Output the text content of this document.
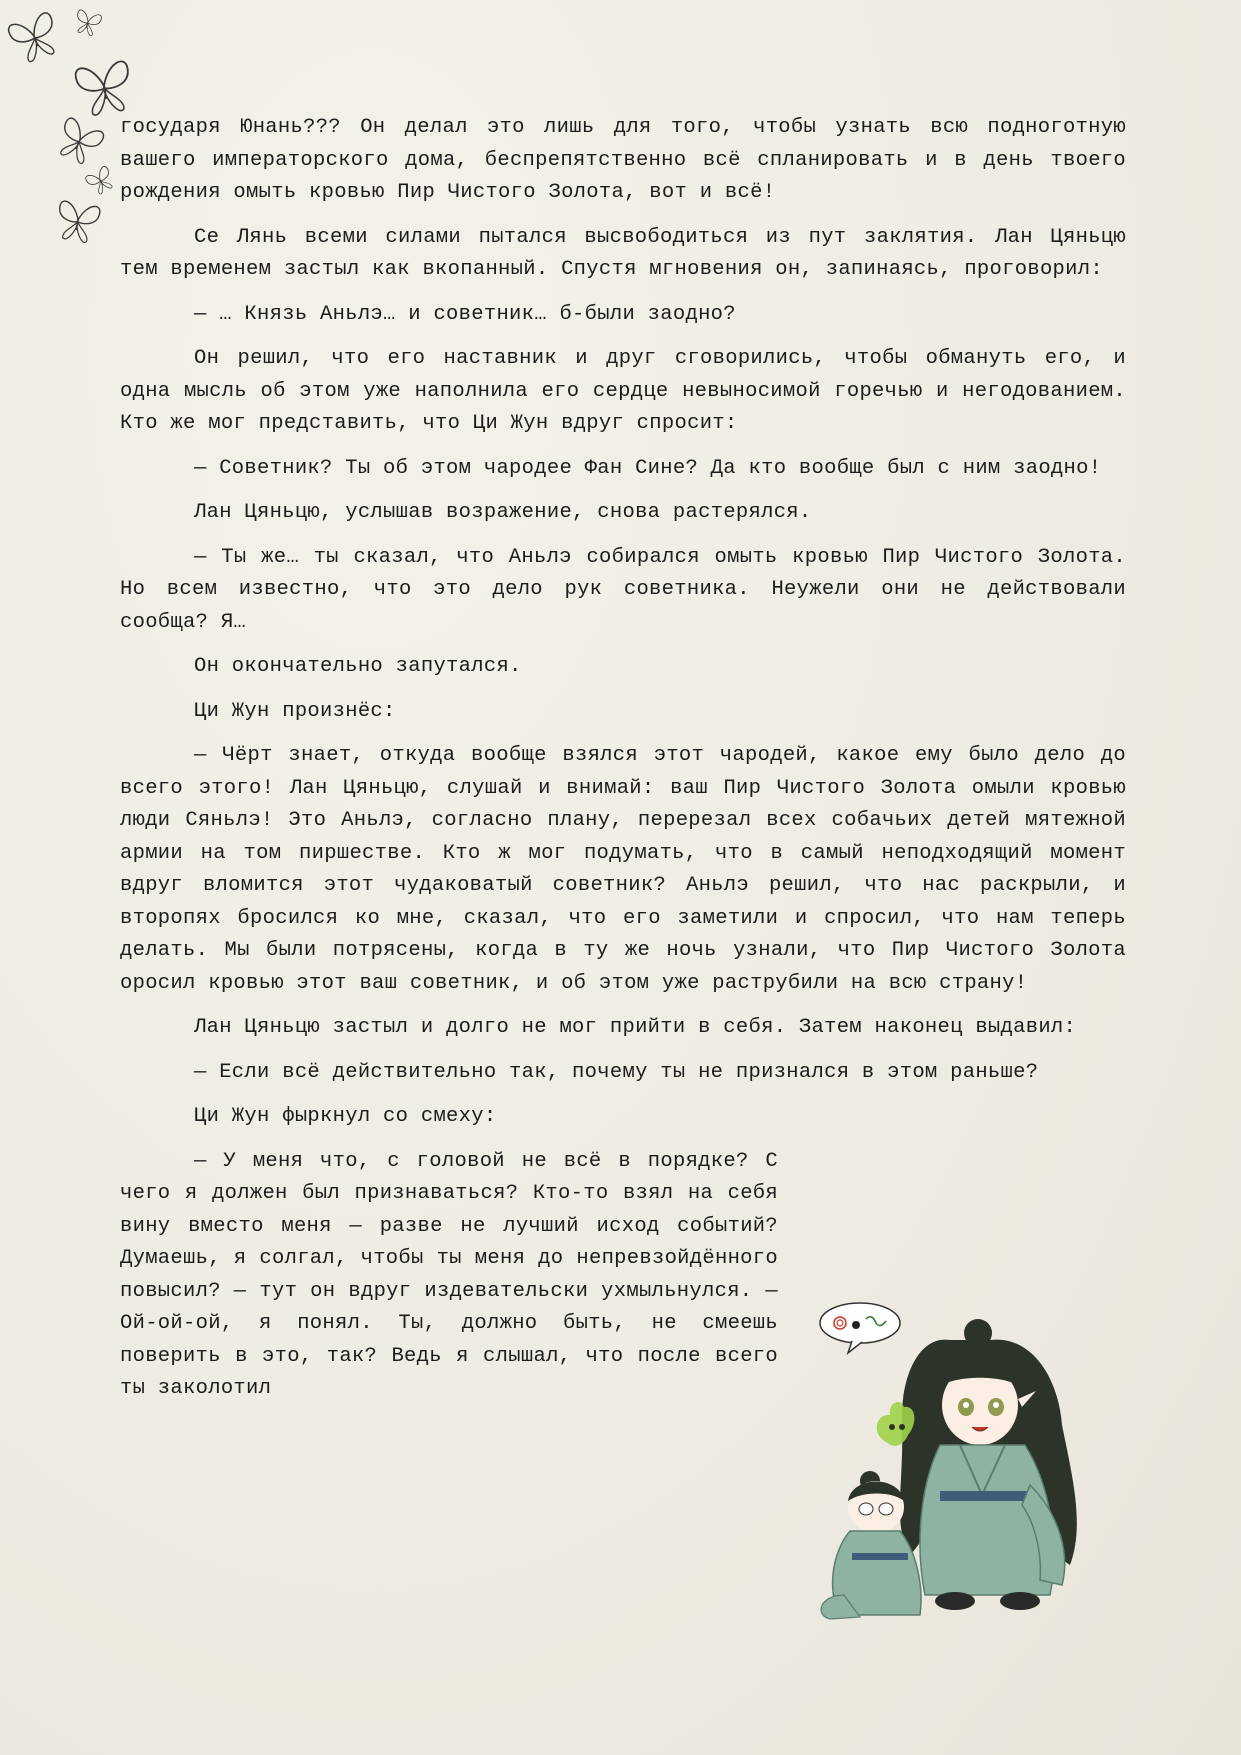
государя Юнань??? Он делал это лишь для того, чтобы узнать всю подноготную вашего императорского дома, беспрепятственно всё спланировать и в день твоего рождения омыть кровью Пир Чистого Золота, вот и всё!

Се Лянь всеми силами пытался высвободиться из пут заклятия. Лан Цяньцю тем временем застыл как вкопанный. Спустя мгновения он, запинаясь, проговорил:

— … Князь Аньлэ… и советник… б-были заодно?

Он решил, что его наставник и друг сговорились, чтобы обмануть его, и одна мысль об этом уже наполнила его сердце невыносимой горечью и негодованием. Кто же мог представить, что Ци Жун вдруг спросит:

— Советник? Ты об этом чародее Фан Сине? Да кто вообще был с ним заодно!

Лан Цяньцю, услышав возражение, снова растерялся.

— Ты же… ты сказал, что Аньлэ собирался омыть кровью Пир Чистого Золота. Но всем известно, что это дело рук советника. Неужели они не действовали сообща? Я…

Он окончательно запутался.

Ци Жун произнёс:

— Чёрт знает, откуда вообще взялся этот чародей, какое ему было дело до всего этого! Лан Цяньцю, слушай и внимай: ваш Пир Чистого Золота омыли кровью люди Сяньлэ! Это Аньлэ, согласно плану, перерезал всех собачьих детей мятежной армии на том пиршестве. Кто ж мог подумать, что в самый неподходящий момент вдруг вломится этот чудаковатый советник? Аньлэ решил, что нас раскрыли, и второпях бросился ко мне, сказал, что его заметили и спросил, что нам теперь делать. Мы были потрясены, когда в ту же ночь узнали, что Пир Чистого Золота оросил кровью этот ваш советник, и об этом уже раструбили на всю страну!

Лан Цяньцю застыл и долго не мог прийти в себя. Затем наконец выдавил:

— Если всё действительно так, почему ты не признался в этом раньше?

Ци Жун фыркнул со смеху:

— У меня что, с головой не всё в порядке? С чего я должен был признаваться? Кто-то взял на себя вину вместо меня — разве не лучший исход событий? Думаешь, я солгал, чтобы ты меня до непревзойдённого повысил? — тут он вдруг издевательски ухмыльнулся. — Ой-ой-ой, я понял. Ты, должно быть, не смеешь поверить в это, так? Ведь я слышал, что после всего ты заколотил
